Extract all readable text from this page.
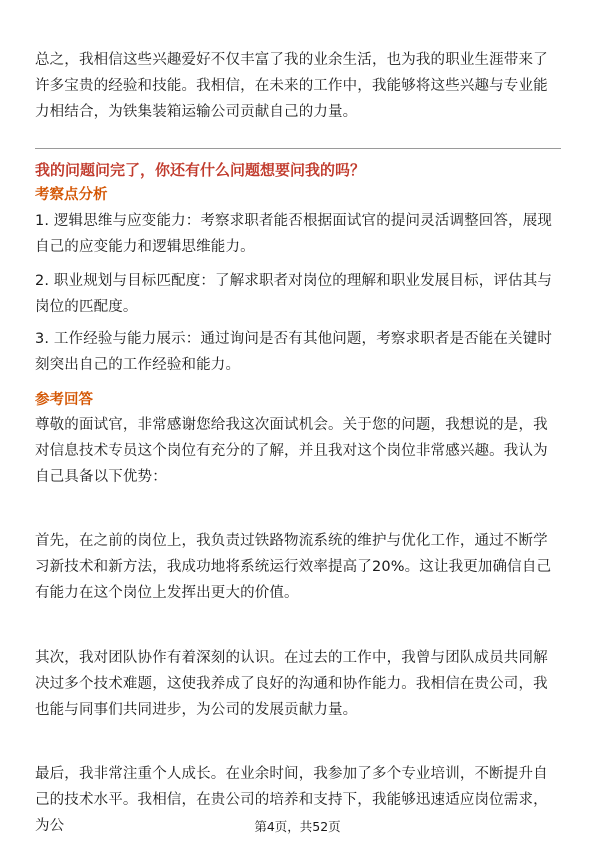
总之，我相信这些兴趣爱好不仅丰富了我的业余生活，也为我的职业生涯带来了许多宝贵的经验和技能。我相信，在未来的工作中，我能够将这些兴趣与专业能力相结合，为铁集装箱运输公司贡献自己的力量。

我的问题问完了，你还有什么问题想要问我的吗？

考察点分析

1. 逻辑思维与应变能力：考察求职者能否根据面试官的提问灵活调整回答，展现自己的应变能力和逻辑思维能力。

2. 职业规划与目标匹配度：了解求职者对岗位的理解和职业发展目标，评估其与岗位的匹配度。

3. 工作经验与能力展示：通过询问是否有其他问题，考察求职者是否能在关键时刻突出自己的工作经验和能力。

参考回答

尊敬的面试官，非常感谢您给我这次面试机会。关于您的问题，我想说的是，我对信息技术专员这个岗位有充分的了解，并且我对这个岗位非常感兴趣。我认为自己具备以下优势：

首先，在之前的岗位上，我负责过铁路物流系统的维护与优化工作，通过不断学习新技术和新方法，我成功地将系统运行效率提高了20%。这让我更加确信自己有能力在这个岗位上发挥出更大的价值。

其次，我对团队协作有着深刻的认识。在过去的工作中，我曾与团队成员共同解决过多个技术难题，这使我养成了良好的沟通和协作能力。我相信在贵公司，我也能与同事们共同进步，为公司的发展贡献力量。

最后，我非常注重个人成长。在业余时间，我参加了多个专业培训，不断提升自己的技术水平。我相信，在贵公司的培养和支持下，我能够迅速适应岗位需求，为公	第4页，共52页
